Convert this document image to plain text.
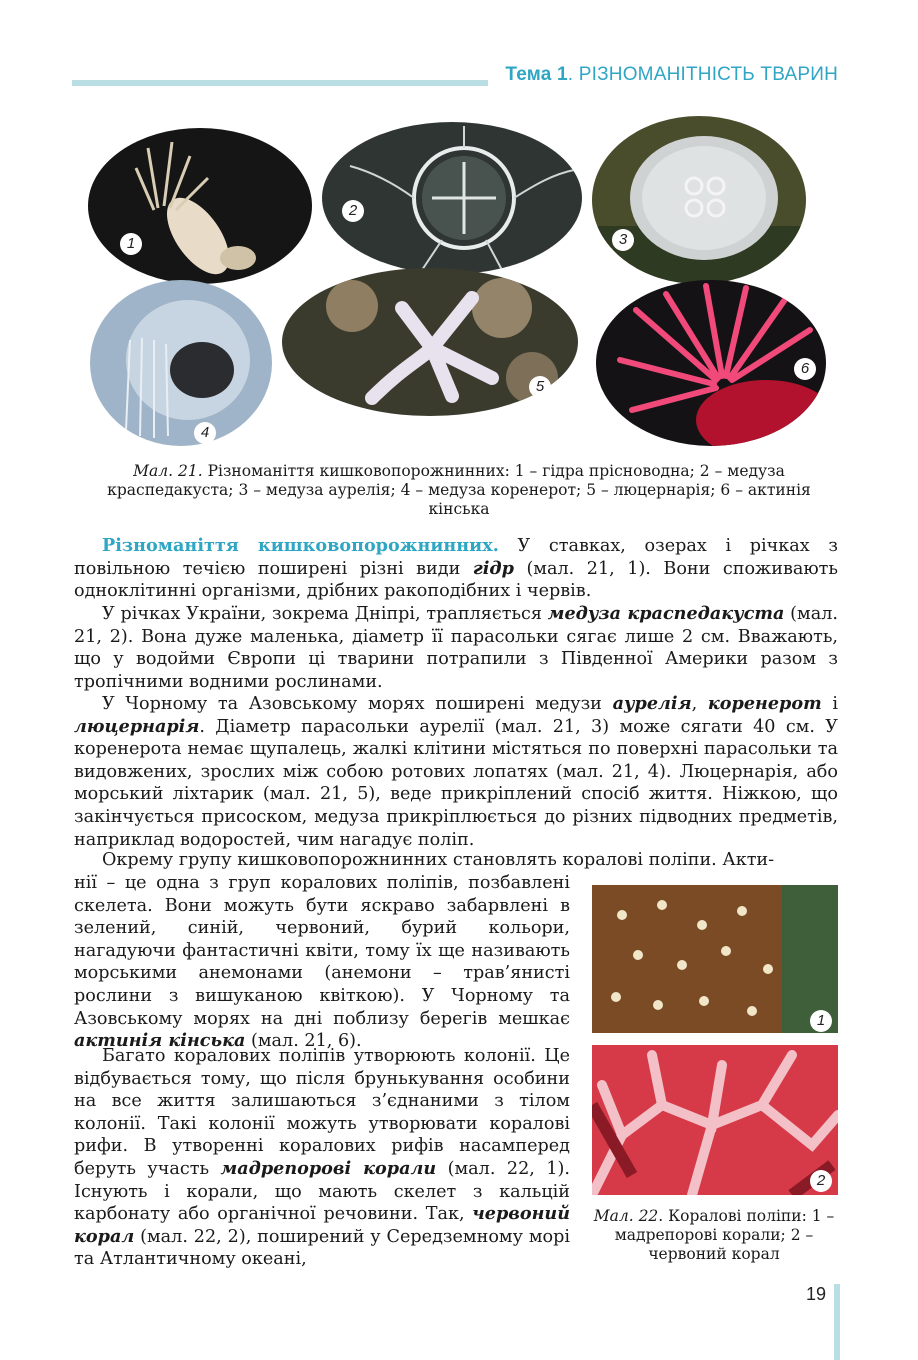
Тема 1. РІЗНОМАНІТНІСТЬ ТВАРИН
1
2
3
4
5
6
Мал. 21. Різноманіття кишковопорожнинних: 1 – гідра прісноводна; 2 – медуза краспедакуста; 3 – медуза аурелія; 4 – медуза коренерот; 5 – люцернарія; 6 – актинія кінська
Різноманіття кишковопорожнинних. У ставках, озерах і річках з повільною течією поширені різні види гідр (мал. 21, 1). Вони споживають одноклітинні організми, дрібних ракоподібних і червів.
У річках України, зокрема Дніпрі, трапляється медуза краспедакуста (мал. 21, 2). Вона дуже маленька, діаметр її парасольки сягає лише 2 см. Вважають, що у водойми Європи ці тварини потрапили з Південної Америки разом з тропічними водними рослинами.
У Чорному та Азовському морях поширені медузи аурелія, коренерот і люцернарія. Діаметр парасольки аурелії (мал. 21, 3) може сягати 40 см. У коренерота немає щупалець, жалкі клітини містяться по поверхні парасольки та видовжених, зрослих між собою ротових лопатях (мал. 21, 4). Люцернарія, або морський ліхтарик (мал. 21, 5), веде прикріплений спосіб життя. Ніжкою, що закінчується присоском, медуза прикріплюється до різних підводних предметів, наприклад водоростей, чим нагадує поліп.
Окрему групу кишковопорожнинних становлять коралові поліпи. Акти-
нії – це одна з груп коралових поліпів, позбавлені скелета. Вони можуть бути яскраво забарвлені в зелений, синій, червоний, бурий кольори, нагадуючи фантастичні квіти, тому їх ще називають морськими анемонами (анемони – трав’янисті рослини з вишуканою квіткою). У Чорному та Азовському морях на дні поблизу берегів мешкає актинія кінська (мал. 21, 6).
Багато коралових поліпів утворюють колонії. Це відбувається тому, що після брунькування особини на все життя залишаються з’єднаними з тілом колонії. Такі колонії можуть утворювати коралові рифи. В утворенні коралових рифів насамперед беруть участь мадрепорові корали (мал. 22, 1). Існують і корали, що мають скелет з кальцій карбонату або органічної речовини. Так, червоний корал (мал. 22, 2), поширений у Середземному морі та Атлантичному океані,
1
2
Мал. 22. Коралові поліпи: 1 – мадрепорові корали; 2 – червоний корал
19
